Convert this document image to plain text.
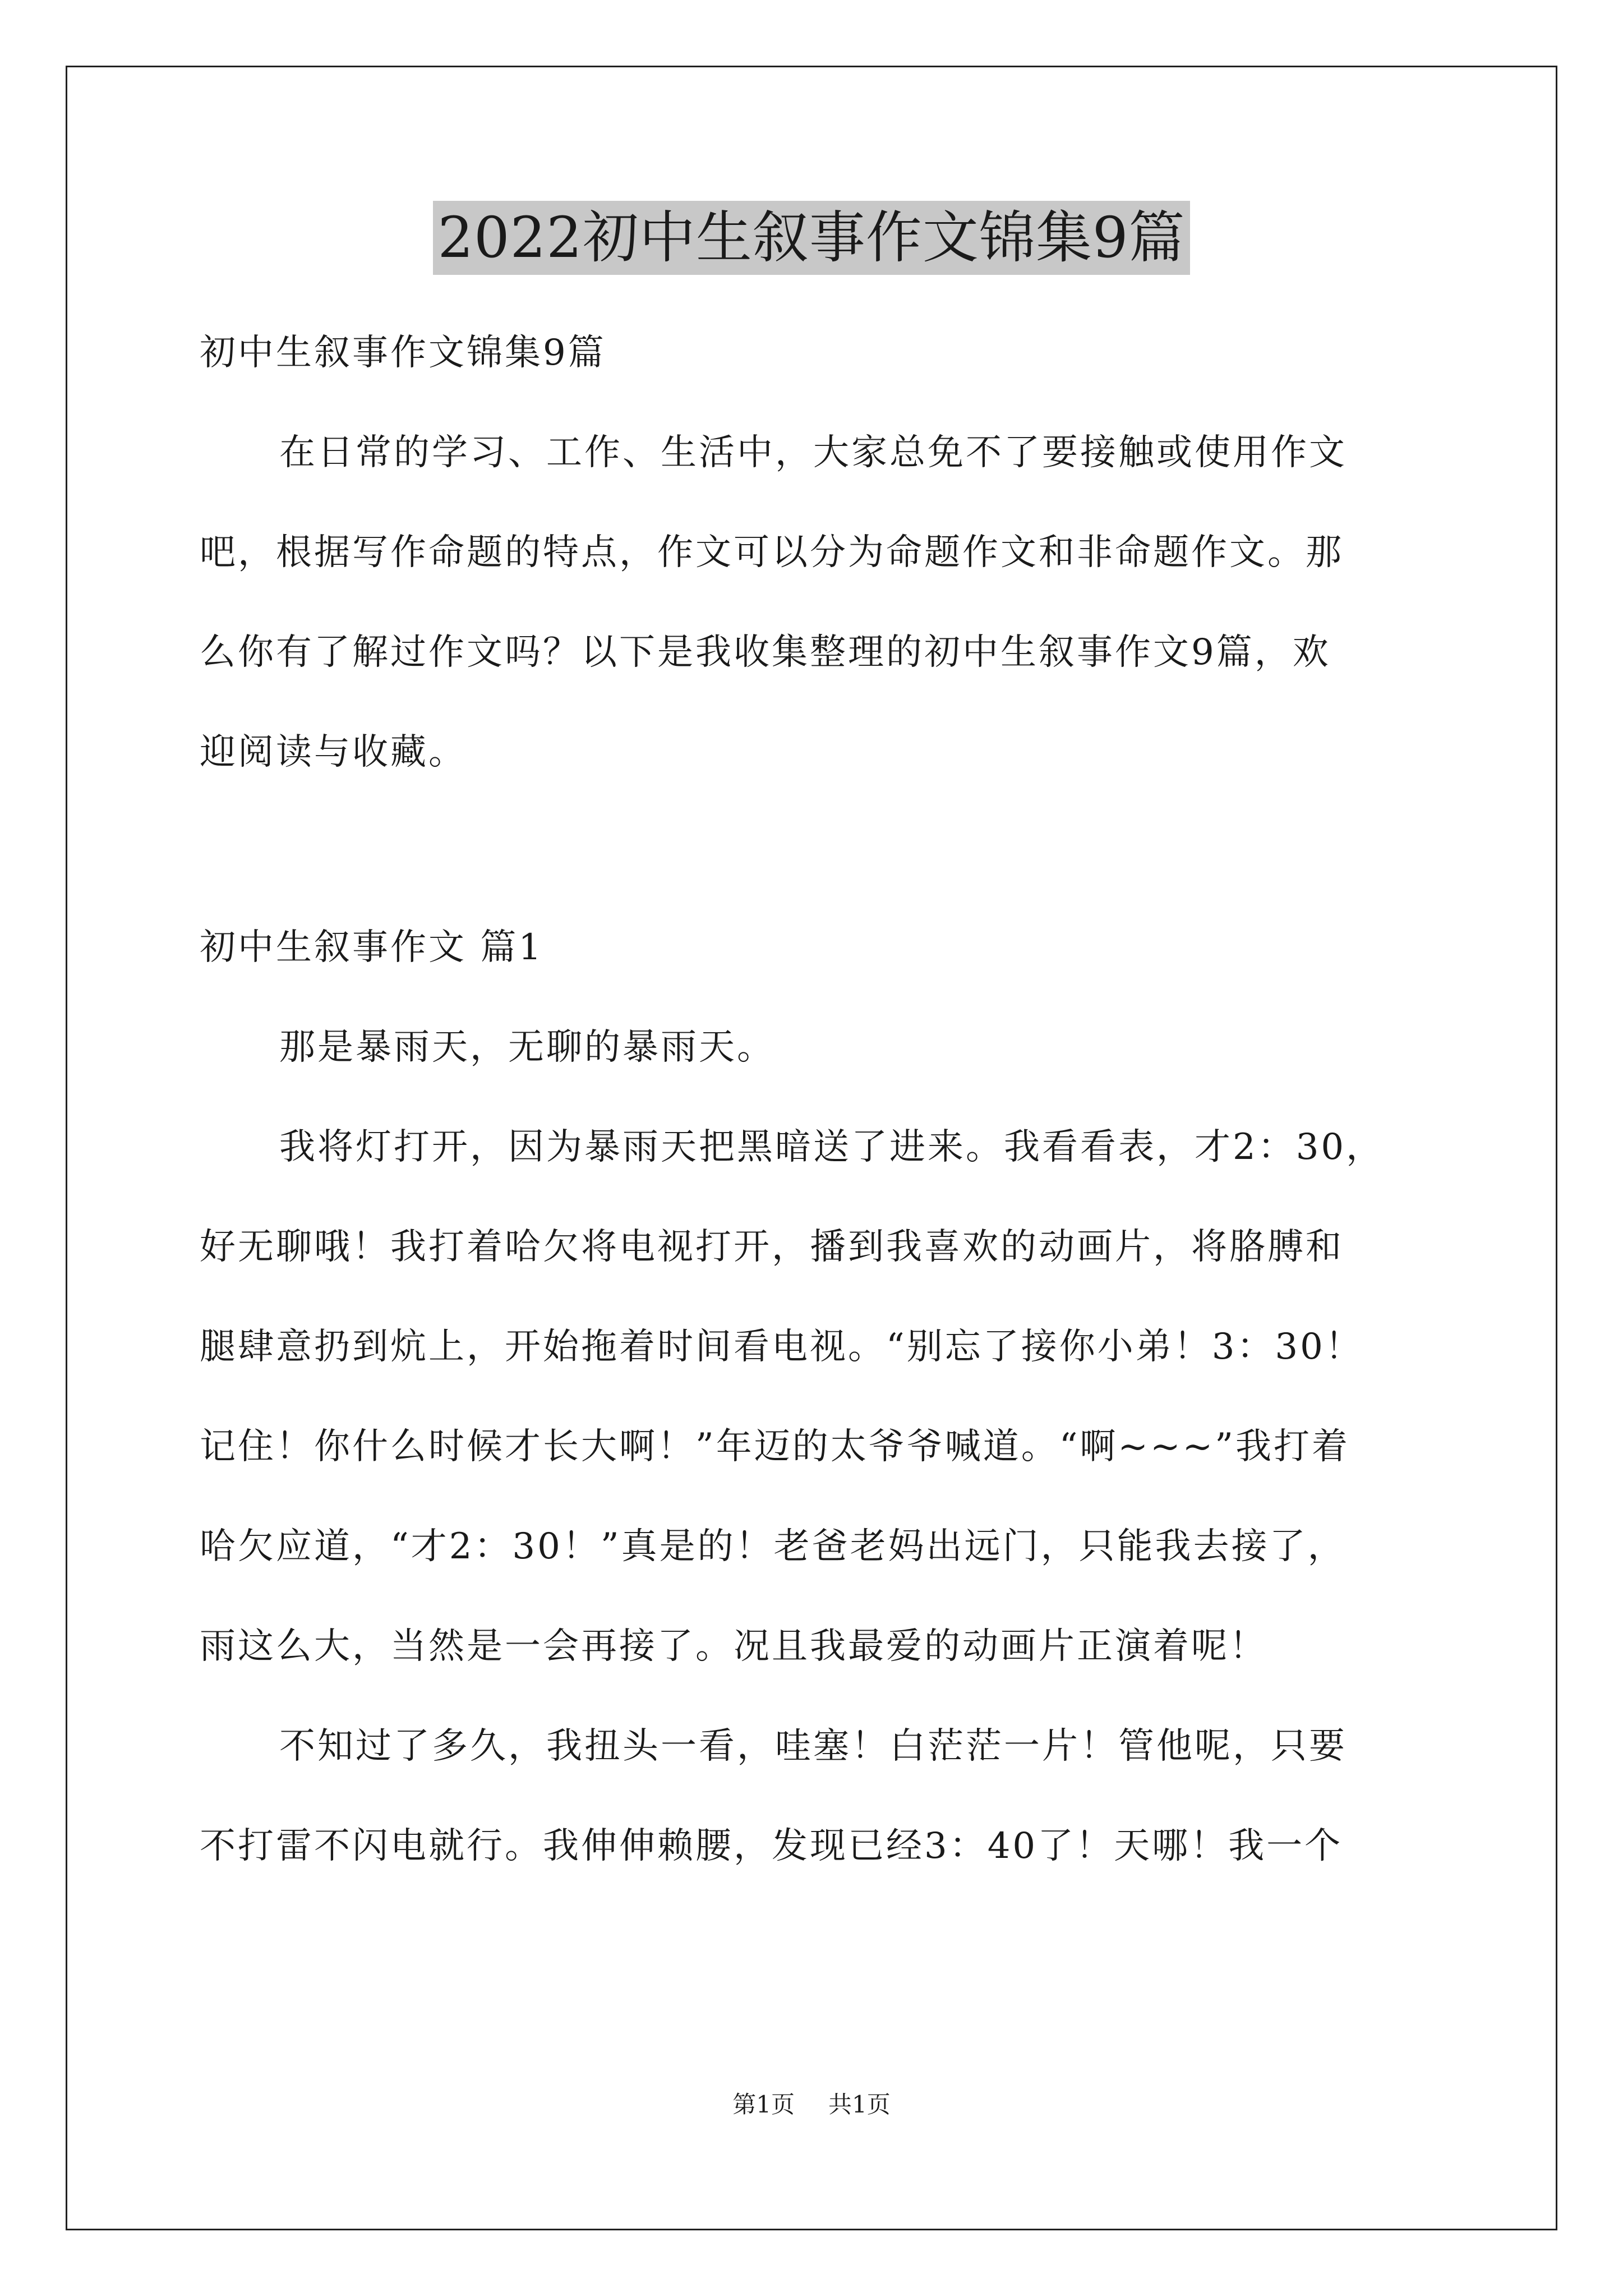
2022初中生叙事作文锦集9篇
初中生叙事作文锦集9篇
在日常的学习、工作、生活中，大家总免不了要接触或使用作文
吧，根据写作命题的特点，作文可以分为命题作文和非命题作文。那
么你有了解过作文吗？以下是我收集整理的初中生叙事作文9篇，欢
迎阅读与收藏。
初中生叙事作文 篇1
那是暴雨天，无聊的暴雨天。
我将灯打开，因为暴雨天把黑暗送了进来。我看看表，才2：30，
好无聊哦！我打着哈欠将电视打开，播到我喜欢的动画片，将胳膊和
腿肆意扔到炕上，开始拖着时间看电视。“别忘了接你小弟！3：30！
记住！你什么时候才长大啊！”年迈的太爷爷喊道。“啊~~~”我打着
哈欠应道，“才2：30！”真是的！老爸老妈出远门，只能我去接了，
雨这么大，当然是一会再接了。况且我最爱的动画片正演着呢！
不知过了多久，我扭头一看，哇塞！白茫茫一片！管他呢，只要
不打雷不闪电就行。我伸伸赖腰，发现已经3：40了！天哪！我一个
第1页 共1页
